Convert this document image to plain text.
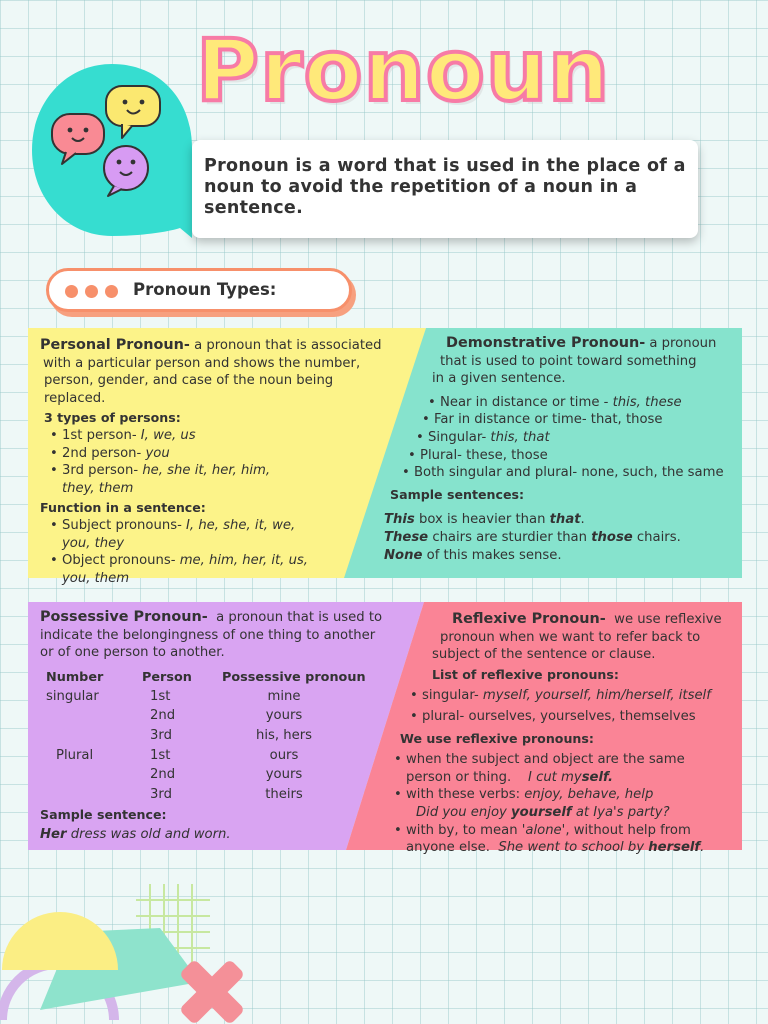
Pronoun
Pronoun is a word that is used in the place of a noun to avoid the repetition of a noun in a sentence.
Pronoun Types:
Personal Pronoun- a pronoun that is associated
with a particular person and shows the number,
person, gender, and case of the noun being
replaced.
3 types of persons:
• 1st person- I, we, us
• 2nd person- you
• 3rd person- he, she it, her, him,
they, them
Function in a sentence:
• Subject pronouns- I, he, she, it, we,
you, they
• Object pronouns- me, him, her, it, us,
you, them
Demonstrative Pronoun- a pronoun
that is used to point toward something
in a given sentence.
• Near in distance or time - this, these
• Far in distance or time- that, those
• Singular- this, that
• Plural- these, those
• Both singular and plural- none, such, the same
Sample sentences:
This box is heavier than that.
These chairs are sturdier than those chairs.
None of this makes sense.
Possessive Pronoun- a pronoun that is used to
indicate the belongingness of one thing to another
or of one person to another.
Number	Person	Possessive pronoun
singular	1st	mine
	2nd	yours
	3rd	his, hers
Plural	1st	ours
	2nd	yours
	3rd	theirs
Sample sentence:
Her dress was old and worn.
Reflexive Pronoun- we use reflexive
pronoun when we want to refer back to
subject of the sentence or clause.
List of reflexive pronouns:
• singular- myself, yourself, him/herself, itself
• plural- ourselves, yourselves, themselves
We use reflexive pronouns:
• when the subject and object are the same
person or thing. I cut myself.
• with these verbs: enjoy, behave, help
Did you enjoy yourself at Iya's party?
• with by, to mean 'alone', without help from
anyone else. She went to school by herself.
